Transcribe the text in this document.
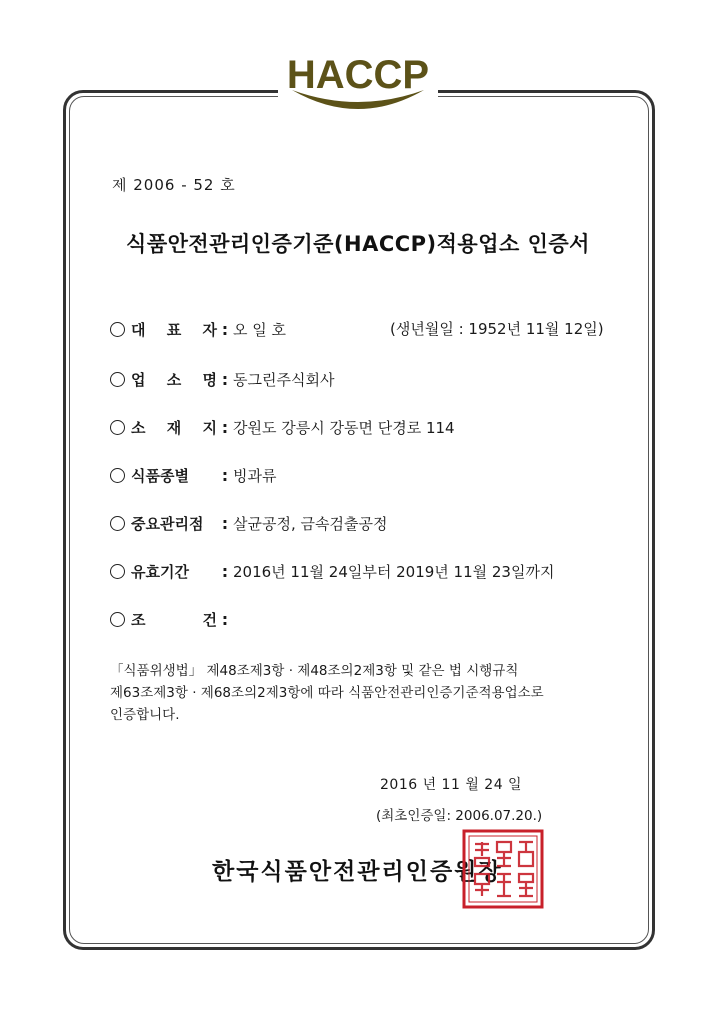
HACCP
제 2006 - 52 호
식품안전관리인증기준(HACCP)적용업소 인증서
대 표 자 : 오 일 호	(생년월일 : 1952년 11월 12일)
업 소 명 : 동그린주식회사
소 재 지 : 강원도 강릉시 강동면 단경로 114
식품종별	: 빙과류
중요관리점	: 살균공정, 금속검출공정
유효기간	: 2016년 11월 24일부터 2019년 11월 23일까지
조 건 :
「식품위생법」 제48조제3항 · 제48조의2제3항 및 같은 법 시행규칙
제63조제3항 · 제68조의2제3항에 따라 식품안전관리인증기준적용업소로
인증합니다.
2016 년 11 월 24 일
(최초인증일: 2006.07.20.)
한국식품안전관리인증원장
